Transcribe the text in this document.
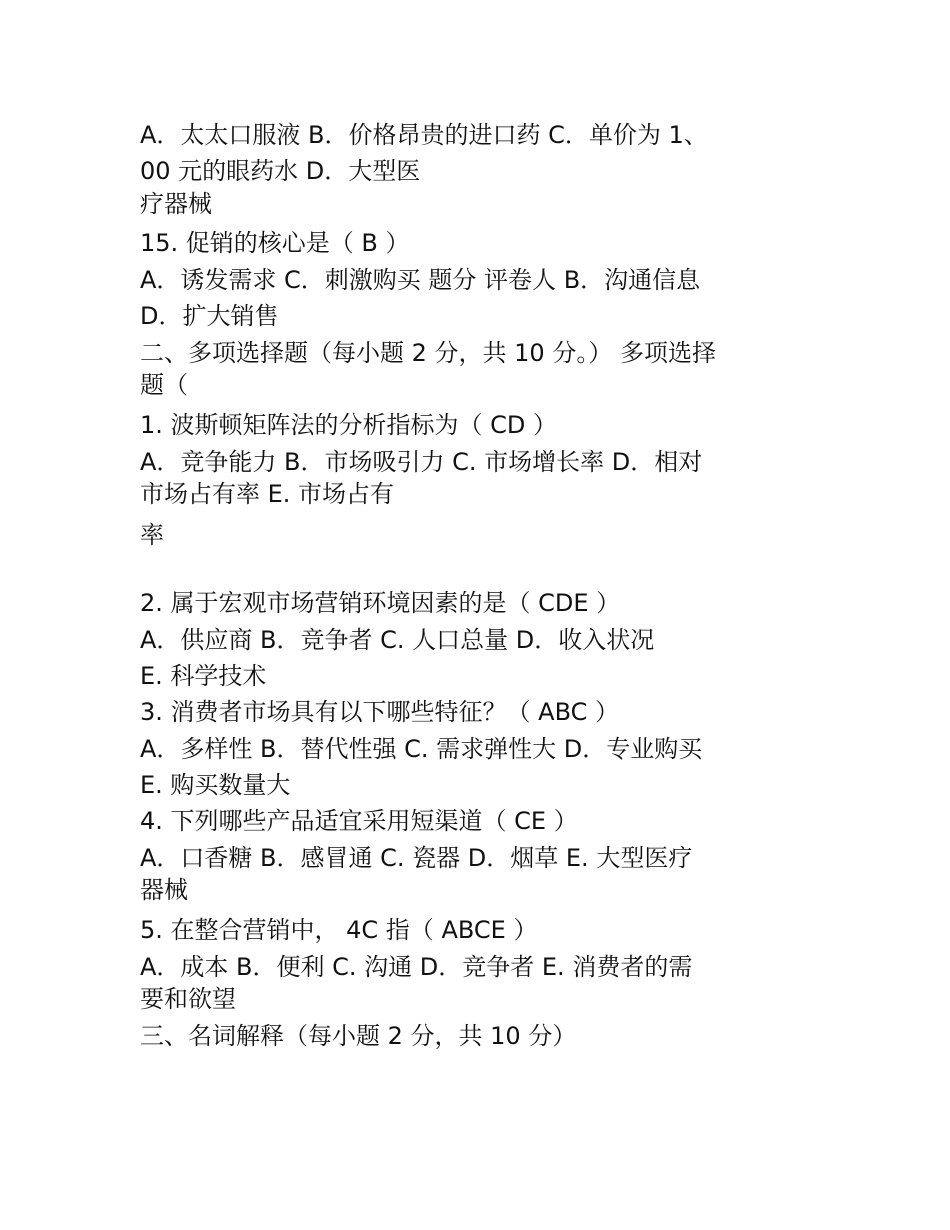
A．太太口服液 B．价格昂贵的进口药 C．单价为 1、

00 元的眼药水 D．大型医

疗器械

15. 促销的核心是（ B ）

A．诱发需求 C．刺激购买 题分 评卷人 B．沟通信息

D．扩大销售

二、多项选择题（每小题 2 分，共 10 分。） 多项选择

题（

1. 波斯顿矩阵法的分析指标为（ CD ）

A．竞争能力 B．市场吸引力 C. 市场增长率 D．相对

市场占有率 E. 市场占有

率

2. 属于宏观市场营销环境因素的是（ CDE ）

A．供应商 B．竞争者 C. 人口总量 D．收入状况

E. 科学技术

3. 消费者市场具有以下哪些特征？（ ABC ）

A．多样性 B．替代性强 C. 需求弹性大 D．专业购买

E. 购买数量大

4. 下列哪些产品适宜采用短渠道（ CE ）

A．口香糖 B．感冒通 C. 瓷器 D．烟草 E. 大型医疗

器械

5. 在整合营销中， 4C 指（ ABCE ）

A．成本 B．便利 C. 沟通 D．竞争者 E. 消费者的需

要和欲望

三、名词解释（每小题 2 分，共 10 分）
